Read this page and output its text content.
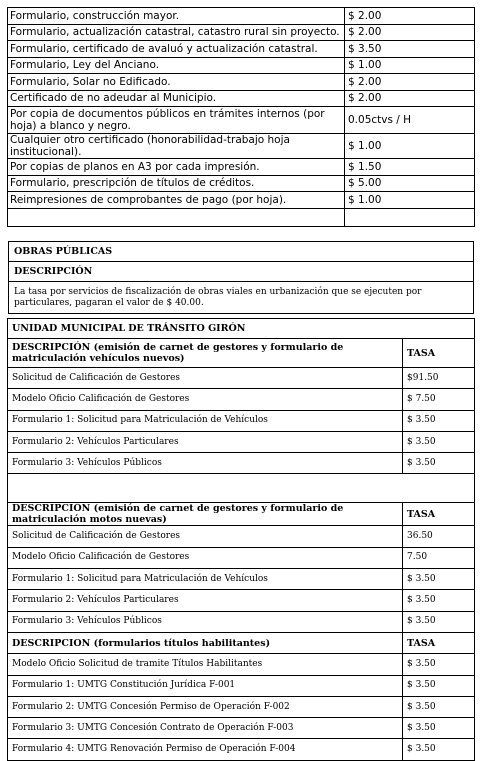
Formulario, construcción mayor.	$ 2.00
Formulario, actualización catastral, catastro rural sin proyecto.	$ 2.00
Formulario, certificado de avaluó y actualización catastral.	$ 3.50
Formulario, Ley del Anciano.	$ 1.00
Formulario, Solar no Edificado.	$ 2.00
Certificado de no adeudar al Municipio.	$ 2.00
Por copia de documentos públicos en trámites internos (por hoja) a blanco y negro.	0.05ctvs / H
Cualquier otro certificado (honorabilidad-trabajo hoja institucional).	$ 1.00
Por copias de planos en A3 por cada impresión.	$ 1.50
Formulario, prescripción de títulos de créditos.	$ 5.00
Reimpresiones de comprobantes de pago (por hoja).	$ 1.00

OBRAS PÚBLICAS
DESCRIPCIÓN
La tasa por servicios de fiscalización de obras viales en urbanización que se ejecuten por particulares, pagaran el valor de $ 40.00.
UNIDAD MUNICIPAL DE TRÁNSITO GIRÓN	
DESCRIPCIÓN (emisión de carnet de gestores y formulario de matriculación vehículos nuevos)	TASA
Solicitud de Calificación de Gestores	$91.50
Modelo Oficio Calificación de Gestores	$ 7.50
Formulario 1: Solicitud para Matriculación de Vehículos	$ 3.50
Formulario 2: Vehículos Particulares	$ 3.50
Formulario 3: Vehículos Públicos	$ 3.50

DESCRIPCIÓN (emisión de carnet de gestores y formulario de matriculación motos nuevas)	TASA
Solicitud de Calificación de Gestores	36.50
Modelo Oficio Calificación de Gestores	7.50
Formulario 1: Solicitud para Matriculación de Vehículos	$ 3.50
Formulario 2: Vehículos Particulares	$ 3.50
Formulario 3: Vehículos Públicos	$ 3.50
DESCRIPCION (formularios títulos habilitantes)	TASA
Modelo Oficio Solicitud de tramite Títulos Habilitantes	$ 3.50
Formulario 1: UMTG Constitución Jurídica F-001	$ 3.50
Formulario 2: UMTG Concesión Permiso de Operación F-002	$ 3.50
Formulario 3: UMTG Concesión Contrato de Operación F-003	$ 3.50
Formulario 4: UMTG Renovación Permiso de Operación F-004	$ 3.50
